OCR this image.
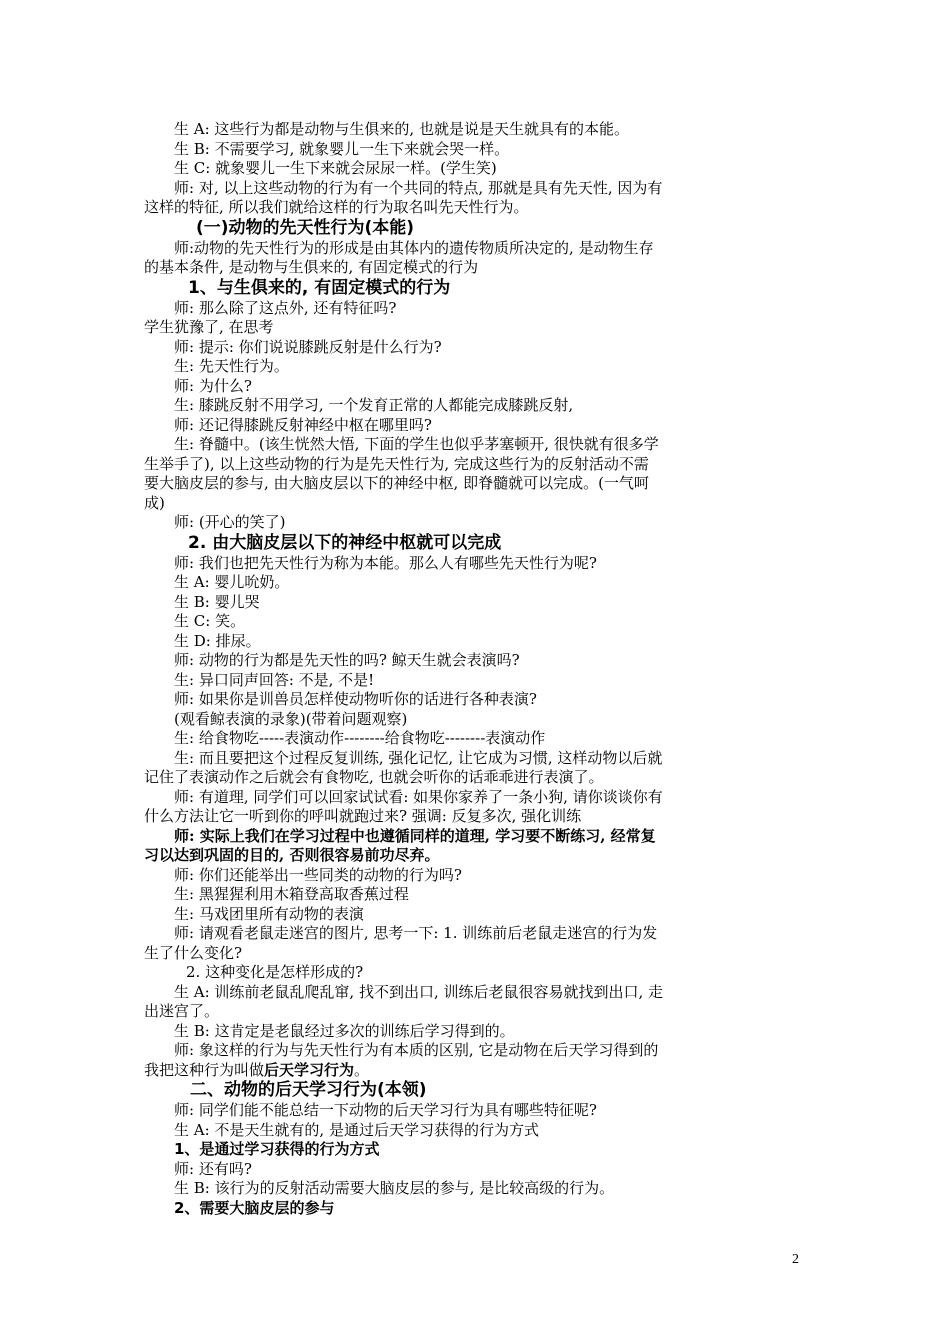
生 A: 这些行为都是动物与生俱来的, 也就是说是天生就具有的本能。

生 B: 不需要学习, 就象婴儿一生下来就会哭一样。

生 C: 就象婴儿一生下来就会尿尿一样。(学生笑)

师: 对, 以上这些动物的行为有一个共同的特点, 那就是具有先天性, 因为有

这样的特征, 所以我们就给这样的行为取名叫先天性行为。

(一)动物的先天性行为(本能)

师:动物的先天性行为的形成是由其体内的遗传物质所决定的, 是动物生存

的基本条件, 是动物与生俱来的, 有固定模式的行为

1、与生俱来的, 有固定模式的行为

师: 那么除了这点外, 还有特征吗?

学生犹豫了, 在思考

师: 提示: 你们说说膝跳反射是什么行为?

生: 先天性行为。

师: 为什么?

生: 膝跳反射不用学习, 一个发育正常的人都能完成膝跳反射,

师: 还记得膝跳反射神经中枢在哪里吗?

生: 脊髓中。(该生恍然大悟, 下面的学生也似乎茅塞顿开, 很快就有很多学

生举手了), 以上这些动物的行为是先天性行为, 完成这些行为的反射活动不需

要大脑皮层的参与, 由大脑皮层以下的神经中枢, 即脊髓就可以完成。(一气呵

成)

师: (开心的笑了)

2. 由大脑皮层以下的神经中枢就可以完成

师: 我们也把先天性行为称为本能。那么人有哪些先天性行为呢?

生 A: 婴儿吮奶。

生 B: 婴儿哭

生 C: 笑。

生 D: 排尿。

师: 动物的行为都是先天性的吗? 鲸天生就会表演吗?

生: 异口同声回答: 不是, 不是!

师: 如果你是训兽员怎样使动物听你的话进行各种表演?

(观看鲸表演的录象)(带着问题观察)

生: 给食物吃-----表演动作--------给食物吃--------表演动作

生: 而且要把这个过程反复训练, 强化记忆, 让它成为习惯, 这样动物以后就

记住了表演动作之后就会有食物吃, 也就会听你的话乖乖进行表演了。

师: 有道理, 同学们可以回家试试看: 如果你家养了一条小狗, 请你谈谈你有

什么方法让它一听到你的呼叫就跑过来? 强调: 反复多次, 强化训练

师: 实际上我们在学习过程中也遵循同样的道理, 学习要不断练习, 经常复

习以达到巩固的目的, 否则很容易前功尽弃。

师: 你们还能举出一些同类的动物的行为吗?

生: 黑猩猩利用木箱登高取香蕉过程

生: 马戏团里所有动物的表演

师: 请观看老鼠走迷宫的图片, 思考一下: 1. 训练前后老鼠走迷宫的行为发

生了什么变化?

2. 这种变化是怎样形成的?

生 A: 训练前老鼠乱爬乱窜, 找不到出口, 训练后老鼠很容易就找到出口, 走

出迷宫了。

生 B: 这肯定是老鼠经过多次的训练后学习得到的。

师: 象这样的行为与先天性行为有本质的区别, 它是动物在后天学习得到的

我把这种行为叫做后天学习行为。

二、动物的后天学习行为(本领)

师: 同学们能不能总结一下动物的后天学习行为具有哪些特征呢?

生 A: 不是天生就有的, 是通过后天学习获得的行为方式

1、是通过学习获得的行为方式

师: 还有吗?

生 B: 该行为的反射活动需要大脑皮层的参与, 是比较高级的行为。

2、需要大脑皮层的参与

2
